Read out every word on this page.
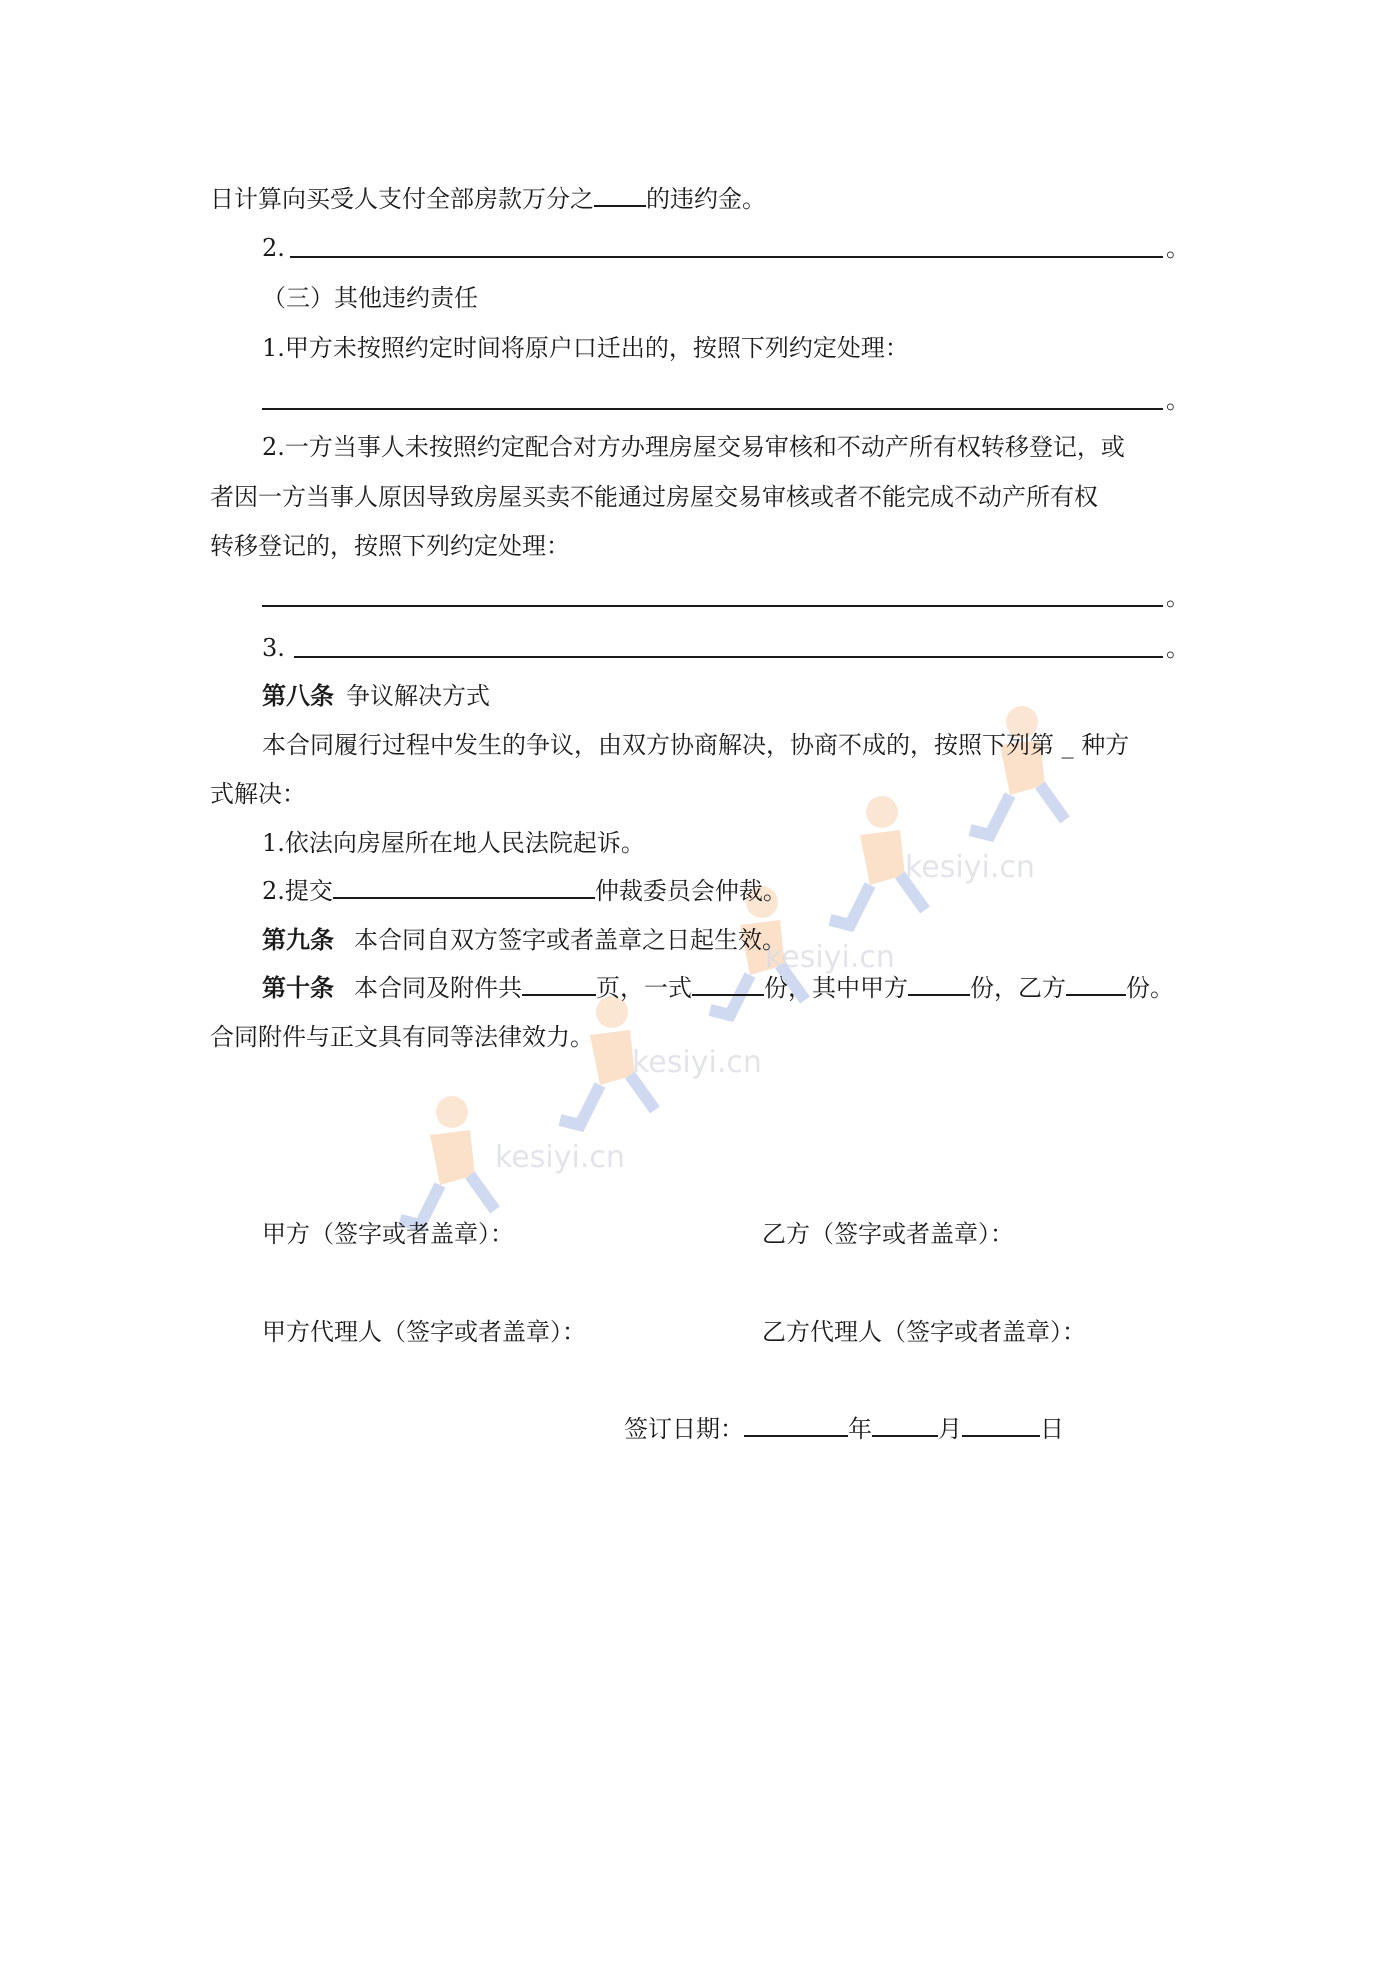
kesiyi.cn
kesiyi.cn
kesiyi.cn
kesiyi.cn
日计算向买受人支付全部房款万分之 的违约金。
2.	。
（三）其他违约责任
1.甲方未按照约定时间将原户口迁出的，按照下列约定处理：
。
2.一方当事人未按照约定配合对方办理房屋交易审核和不动产所有权转移登记，或
者因一方当事人原因导致房屋买卖不能通过房屋交易审核或者不能完成不动产所有权
转移登记的，按照下列约定处理：
。
3.	。
第八条 争议解决方式
本合同履行过程中发生的争议，由双方协商解决，协商不成的，按照下列第 _ 种方
式解决：
1.依法向房屋所在地人民法院起诉。
2.提交	仲裁委员会仲裁。
第九条 本合同自双方签字或者盖章之日起生效。
第十条 本合同及附件共	页，一式	份，其中甲方	份，乙方	份。
合同附件与正文具有同等法律效力。
甲方（签字或者盖章）：	乙方（签字或者盖章）：
甲方代理人（签字或者盖章）：	乙方代理人（签字或者盖章）：
签订日期：	年	月	日
